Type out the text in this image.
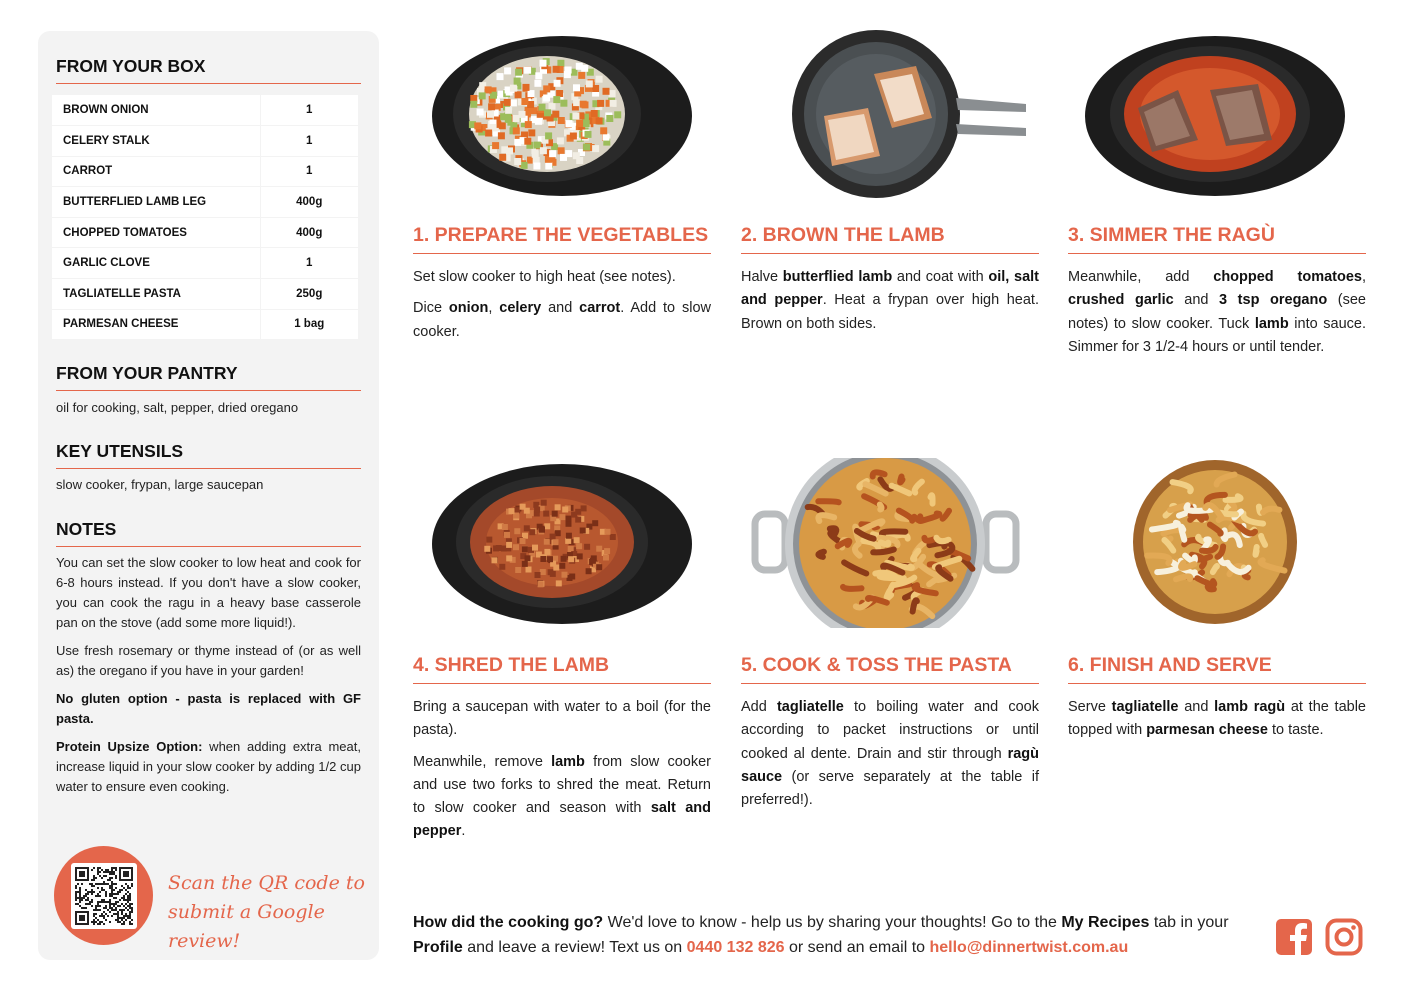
FROM YOUR BOX
BROWN ONION	1
CELERY STALK	1
CARROT	1
BUTTERFLIED LAMB LEG	400g
CHOPPED TOMATOES	400g
GARLIC CLOVE	1
TAGLIATELLE PASTA	250g
PARMESAN CHEESE	1 bag
FROM YOUR PANTRY
oil for cooking, salt, pepper, dried oregano
KEY UTENSILS
slow cooker, frypan, large saucepan
NOTES

You can set the slow cooker to low heat and cook for 6-8 hours instead. If you don't have a slow cooker, you can cook the ragu in a heavy base casserole pan on the stove (add some more liquid!).

Use fresh rosemary or thyme instead of (or as well as) the oregano if you have in your garden!

No gluten option - pasta is replaced with GF pasta.

Protein Upsize Option: when adding extra meat, increase liquid in your slow cooker by adding 1/2 cup water to ensure even cooking.

Scan the QR code to
submit a Google review!
1. PREPARE THE VEGETABLES

Set slow cooker to high heat (see notes).

Dice onion, celery and carrot. Add to slow cooker.

2. BROWN THE LAMB

Halve butterflied lamb and coat with oil, salt and pepper. Heat a frypan over high heat. Brown on both sides.

3. SIMMER THE RAGÙ

Meanwhile, add chopped tomatoes, crushed garlic and 3 tsp oregano (see notes) to slow cooker. Tuck lamb into sauce. Simmer for 3 1/2-4 hours or until tender.

4. SHRED THE LAMB

Bring a saucepan with water to a boil (for the pasta).

Meanwhile, remove lamb from slow cooker and use two forks to shred the meat. Return to slow cooker and season with salt and pepper.

5. COOK & TOSS THE PASTA

Add tagliatelle to boiling water and cook according to packet instructions or until cooked al dente. Drain and stir through ragù sauce (or serve separately at the table if preferred!).

6. FINISH AND SERVE

Serve tagliatelle and lamb ragù at the table topped with parmesan cheese to taste.

How did the cooking go? We'd love to know - help us by sharing your thoughts! Go to the My Recipes tab in your Profile and leave a review! Text us on 0440 132 826 or send an email to hello@dinnertwist.com.au
